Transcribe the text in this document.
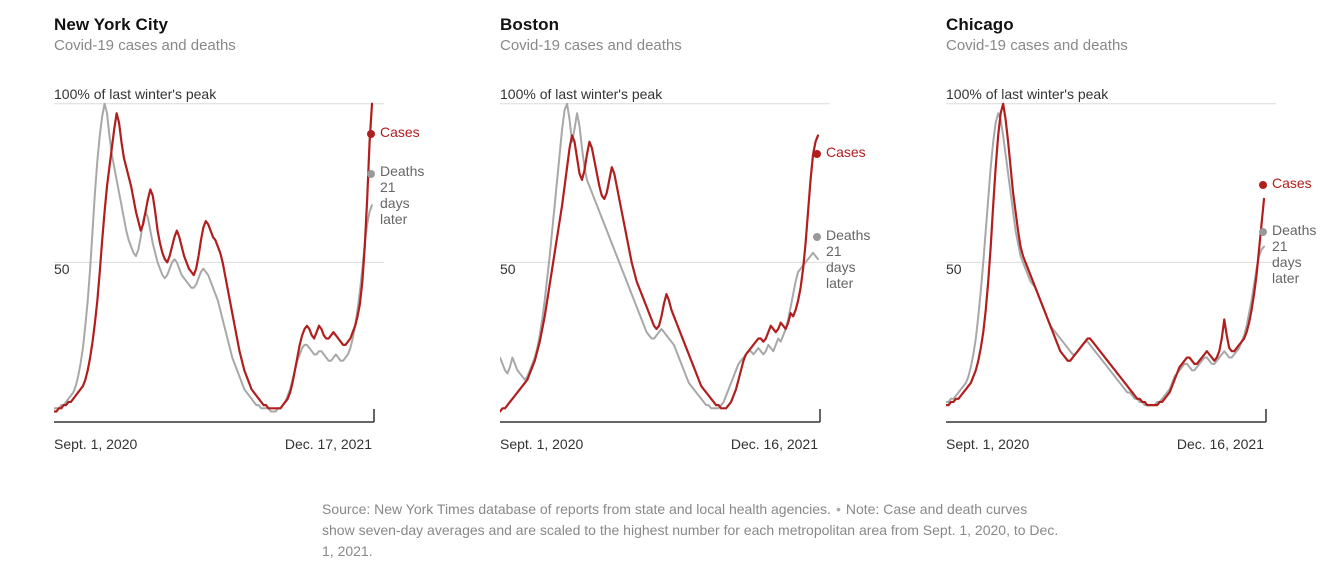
New York City
Covid-19 cases and deaths
100% of last winter's peak
50
Cases
Deaths
21
days
later
Sept. 1, 2020	Dec. 17, 2021
Boston
Covid-19 cases and deaths
100% of last winter's peak
50
Cases
Deaths
21
days
later
Sept. 1, 2020	Dec. 16, 2021
Chicago
Covid-19 cases and deaths
100% of last winter's peak
50
Cases
Deaths
21
days
later
Sept. 1, 2020	Dec. 16, 2021
Source: New York Times database of reports from state and local health agencies. • Note: Case and death curves show seven-day averages and are scaled to the highest number for each metropolitan area from Sept. 1, 2020, to Dec. 1, 2021.
